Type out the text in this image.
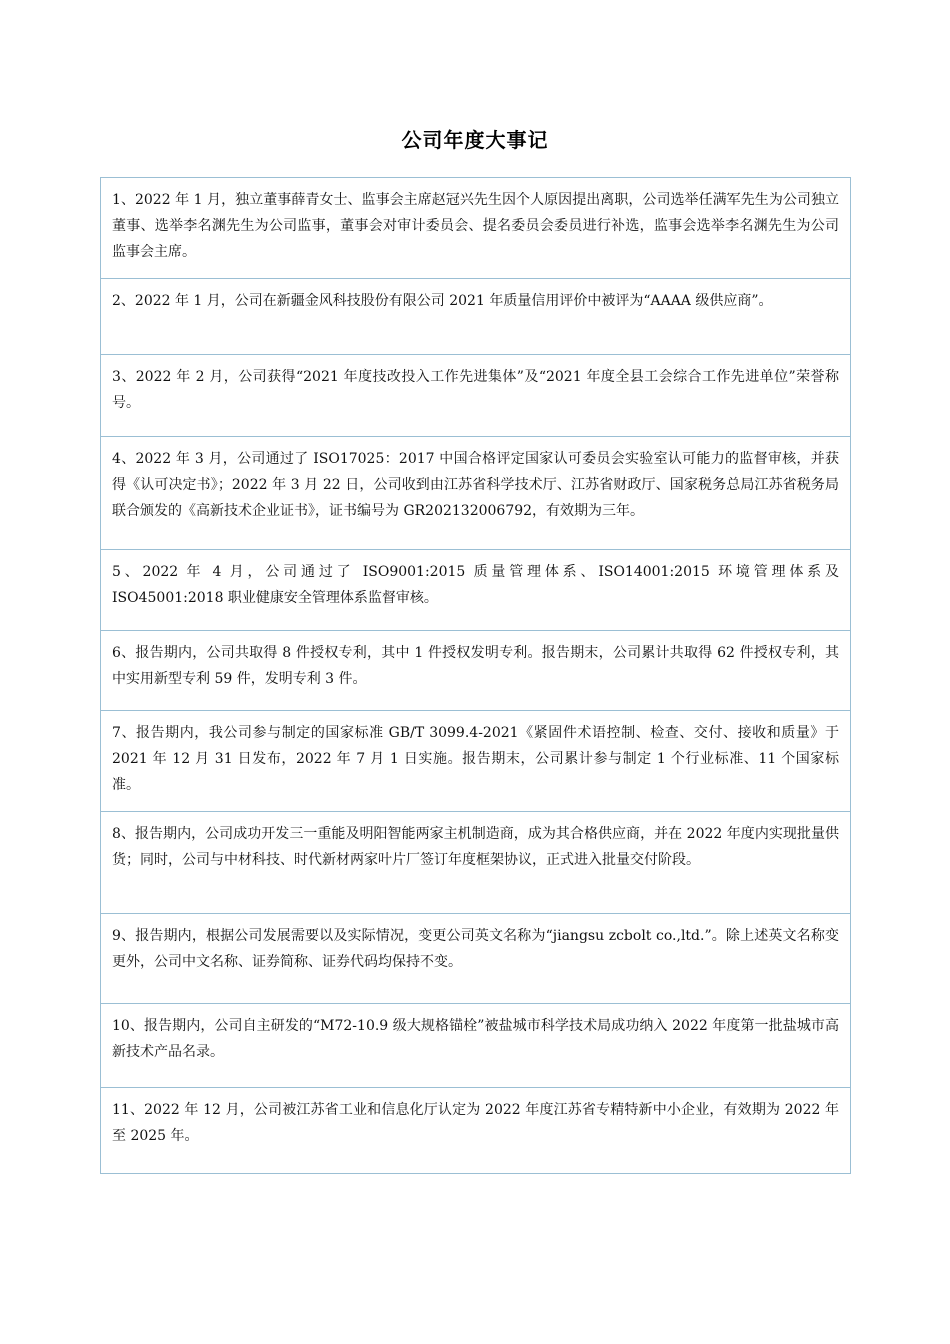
公司年度大事记

1、2022 年 1 月，独立董事薛青女士、监事会主席赵冠兴先生因个人原因提出离职，公司选举任满军先生为公司独立董事、选举李名渊先生为公司监事，董事会对审计委员会、提名委员会委员进行补选，监事会选举李名渊先生为公司监事会主席。

2、2022 年 1 月，公司在新疆金风科技股份有限公司 2021 年质量信用评价中被评为“AAAA 级供应商”。

3、2022 年 2 月，公司获得“2021 年度技改投入工作先进集体”及“2021 年度全县工会综合工作先进单位”荣誉称号。

4、2022 年 3 月，公司通过了 ISO17025：2017 中国合格评定国家认可委员会实验室认可能力的监督审核，并获得《认可决定书》；2022 年 3 月 22 日，公司收到由江苏省科学技术厅、江苏省财政厅、国家税务总局江苏省税务局联合颁发的《高新技术企业证书》，证书编号为 GR202132006792，有效期为三年。

5、2022 年 4 月，公司通过了 ISO9001:2015 质量管理体系、ISO14001:2015 环境管理体系及 ISO45001:2018 职业健康安全管理体系监督审核。

6、报告期内，公司共取得 8 件授权专利，其中 1 件授权发明专利。报告期末，公司累计共取得 62 件授权专利，其中实用新型专利 59 件，发明专利 3 件。

7、报告期内，我公司参与制定的国家标准 GB/T 3099.4-2021《紧固件术语控制、检查、交付、接收和质量》于 2021 年 12 月 31 日发布，2022 年 7 月 1 日实施。报告期末，公司累计参与制定 1 个行业标准、11 个国家标准。

8、报告期内，公司成功开发三一重能及明阳智能两家主机制造商，成为其合格供应商，并在 2022 年度内实现批量供货；同时，公司与中材科技、时代新材两家叶片厂签订年度框架协议，正式进入批量交付阶段。

9、报告期内，根据公司发展需要以及实际情况，变更公司英文名称为“jiangsu zcbolt co.,ltd.”。除上述英文名称变更外，公司中文名称、证券简称、证券代码均保持不变。

10、报告期内，公司自主研发的“M72-10.9 级大规格锚栓”被盐城市科学技术局成功纳入 2022 年度第一批盐城市高新技术产品名录。

11、2022 年 12 月，公司被江苏省工业和信息化厅认定为 2022 年度江苏省专精特新中小企业，有效期为 2022 年至 2025 年。
